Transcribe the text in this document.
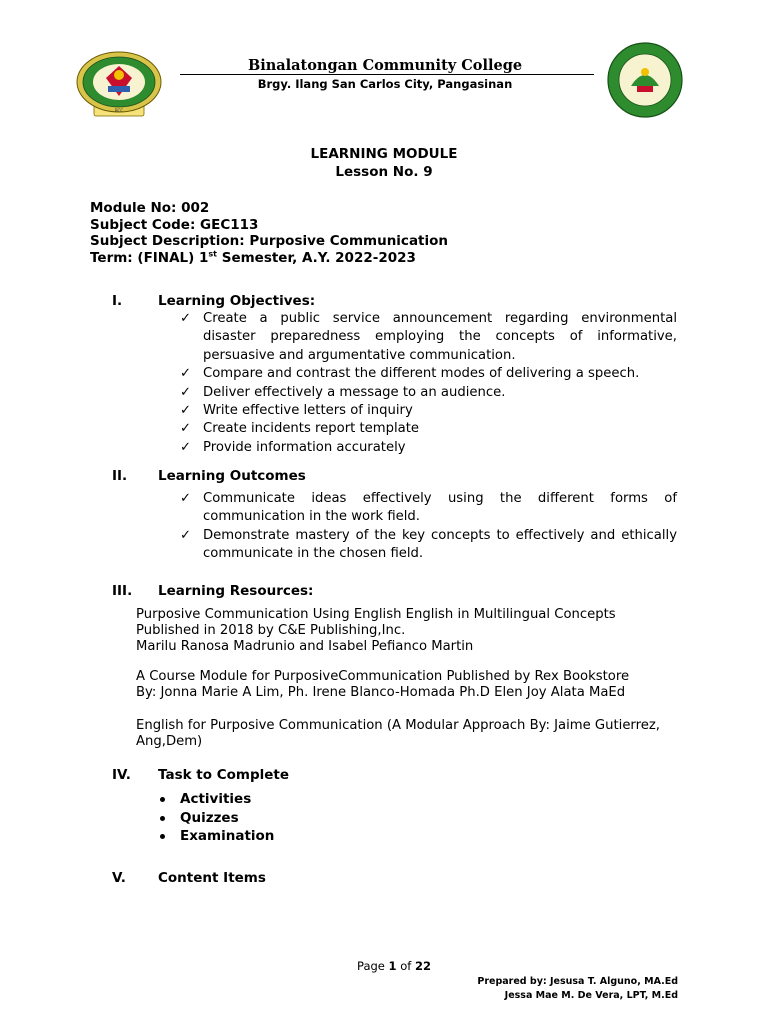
BCC
Binalatongan Community College
Brgy. Ilang San Carlos City, Pangasinan
LEARNING MODULE
Lesson No. 9
Module No: 002
Subject Code: GEC113
Subject Description: Purposive Communication
Term: (FINAL) 1st Semester, A.Y. 2022-2023
I.	Learning Objectives:
✓ Create a public service announcement regarding environmental disaster preparedness employing the concepts of informative, persuasive and argumentative communication.
✓ Compare and contrast the different modes of delivering a speech.
✓ Deliver effectively a message to an audience.
✓ Write effective letters of inquiry
✓ Create incidents report template
✓ Provide information accurately
II. Learning Outcomes
✓ Communicate ideas effectively using the different forms of communication in the work field.
✓ Demonstrate mastery of the key concepts to effectively and ethically communicate in the chosen field.
III. Learning Resources:
Purposive Communication Using English English in Multilingual Concepts
Published in 2018 by C&E Publishing,Inc.
Marilu Ranosa Madrunio and Isabel Pefianco Martin
A Course Module for PurposiveCommunication Published by Rex Bookstore
By: Jonna Marie A Lim, Ph. Irene Blanco-Homada Ph.D Elen Joy Alata MaEd
English for Purposive Communication (A Modular Approach By: Jaime Gutierrez,
Ang,Dem)
IV. Task to Complete
Activities
Quizzes
Examination
V. Content Items
Page 1 of 22
Prepared by: Jesusa T. Alguno, MA.Ed
Jessa Mae M. De Vera, LPT, M.Ed
